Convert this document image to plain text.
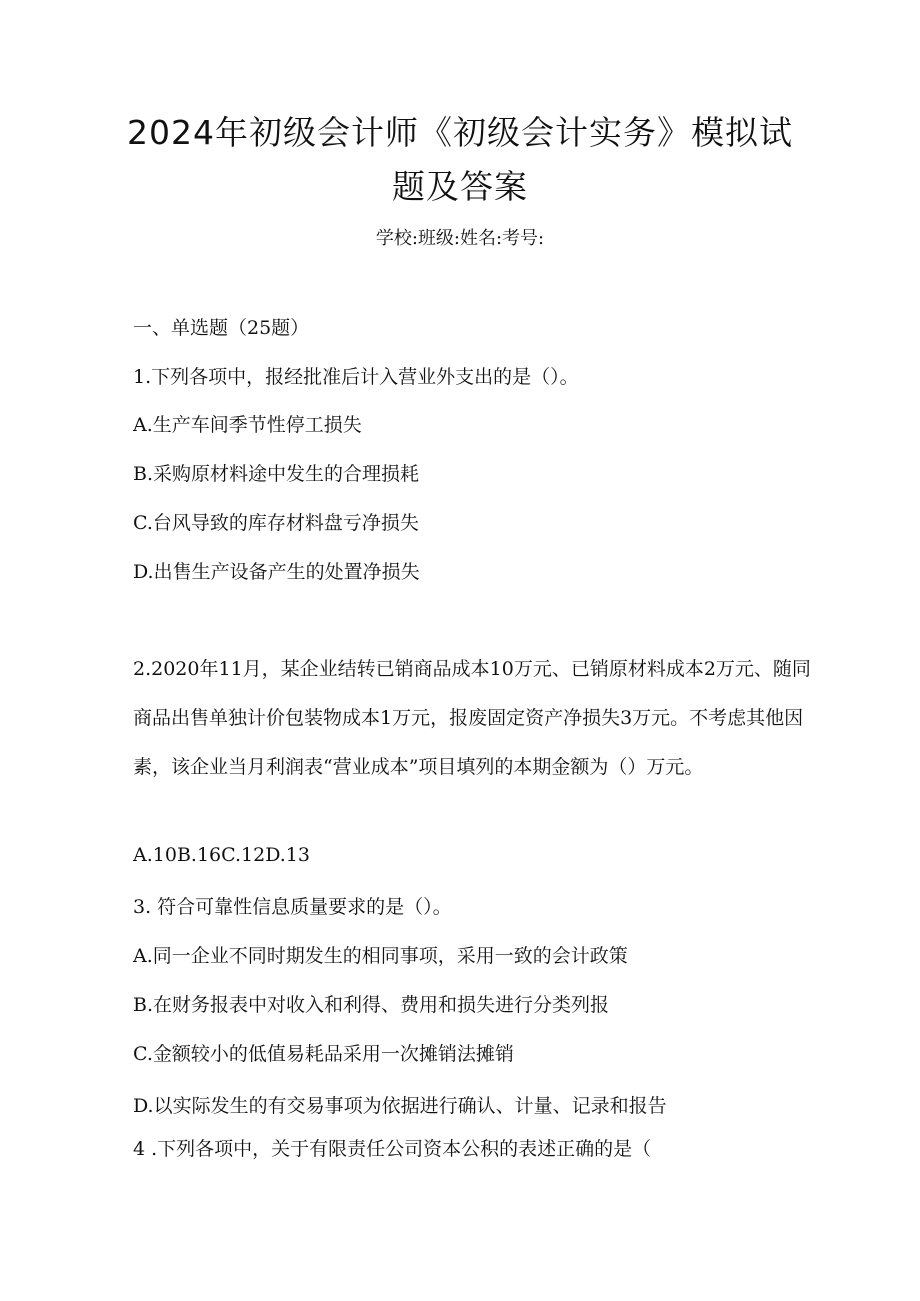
2024年初级会计师《初级会计实务》模拟试题及答案
学校:班级:姓名:考号:
一、单选题（25题）
1.下列各项中，报经批准后计入营业外支出的是（）。
A.生产车间季节性停工损失
B.采购原材料途中发生的合理损耗
C.台风导致的库存材料盘亏净损失
D.出售生产设备产生的处置净损失
2.2020年11月，某企业结转已销商品成本10万元、已销原材料成本2万元、随同商品出售单独计价包装物成本1万元，报废固定资产净损失3万元。不考虑其他因素，该企业当月利润表“营业成本”项目填列的本期金额为（）万元。
A.10B.16C.12D.13
3. 符合可靠性信息质量要求的是（）。
A.同一企业不同时期发生的相同事项，采用一致的会计政策
B.在财务报表中对收入和利得、费用和损失进行分类列报
C.金额较小的低值易耗品采用一次摊销法摊销
D.以实际发生的有交易事项为依据进行确认、计量、记录和报告
4 .下列各项中，关于有限责任公司资本公积的表述正确的是（
